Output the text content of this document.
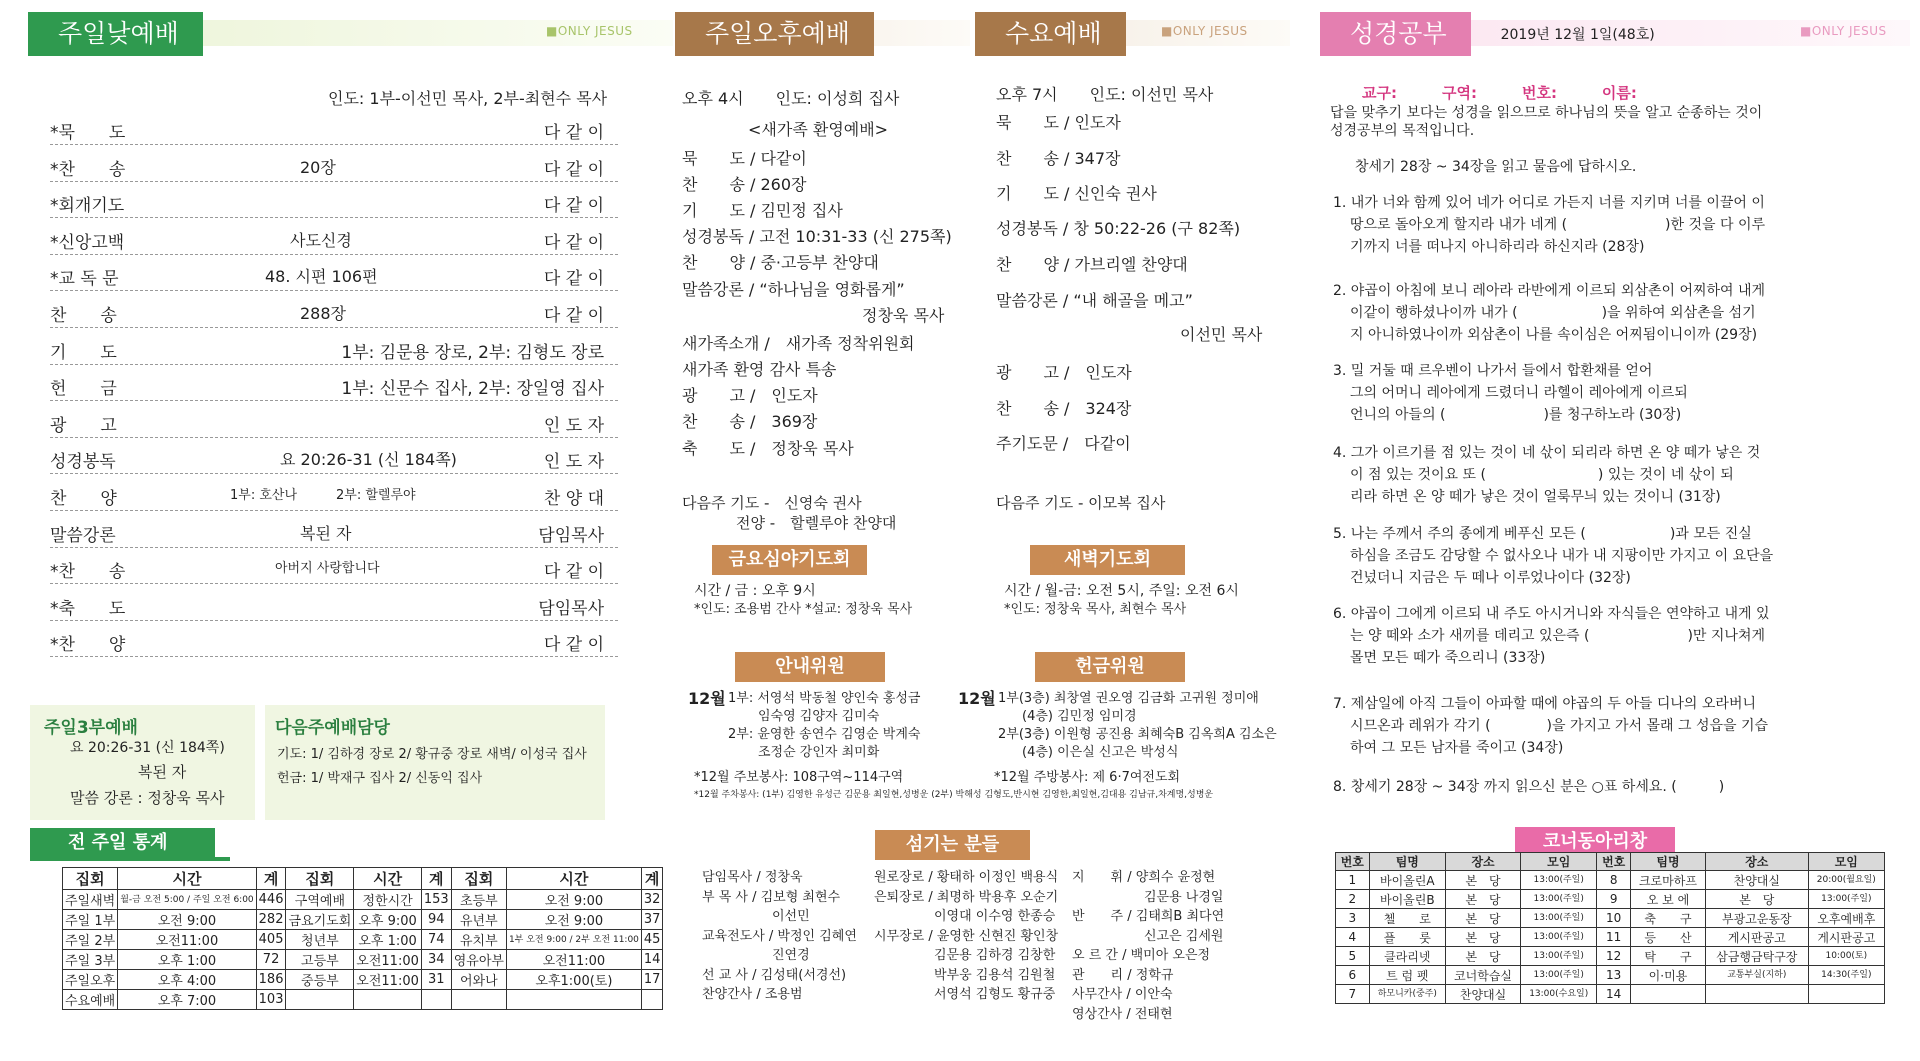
주일낮예배	■ONLY JESUS
인도: 1부-이선민 목사, 2부-최현수 목사
*묵　　도	다 같 이
*찬　　송	20장	다 같 이
*회개기도	다 같 이
*신앙고백	사도신경	다 같 이
*교 독 문	48. 시편 106편	다 같 이
찬　　송	288장	다 같 이
기　　도	1부: 김문용 장로, 2부: 김형도 장로
헌　　금	1부: 신문수 집사, 2부: 장일영 집사
광　　고	인 도 자
성경봉독	요 20:26-31 (신 184쪽)	인 도 자
찬　　양	1부: 호산나　　　2부: 할렐루야	찬 양 대
말씀강론	복된 자	담임목사
*찬　　송	아버지 사랑합니다	다 같 이
*축　　도	담임목사
*찬　　양	다 같 이
주일3부예배
요 20:26-31 (신 184쪽)
복된 자
말씀 강론 : 정창욱 목사
다음주예배담당
기도: 1/ 김하경 장로 2/ 황규중 장로 새벽/ 이성국 집사
헌금: 1/ 박재구 집사 2/ 신동익 집사
전 주일 통계
집회	시간	계	집회	시간	계	집회	시간	계
주일새벽	월-금 오전 5:00 / 주일 오전 6:00	446	구역예배	정한시간	153	초등부	오전 9:00	32
주일 1부	오전 9:00	282	금요기도회	오후 9:00	94	유년부	오전 9:00	37
주일 2부	오전11:00	405	청년부	오후 1:00	74	유치부	1부 오전 9:00 / 2부 오전 11:00	45
주일 3부	오후 1:00	72	고등부	오전11:00	34	영유아부	오전11:00	14
주일오후	오후 4:00	186	중등부	오전11:00	31	어와나	오후1:00(토)	17
수요예배	오후 7:00	103						
주일오후예배
오후 4시　　인도: 이성희 집사
<새가족 환영예배>
묵　　도 / 다같이
찬　　송 / 260장
기　　도 / 김민정 집사
성경봉독 / 고전 10:31-33 (신 275쪽)
찬　　양 / 중·고등부 찬양대
말씀강론 / “하나님을 영화롭게”
정창욱 목사
새가족소개 /　새가족 정착위원회
새가족 환영 감사 특송
광　　고 /　인도자
찬　　송 /　369장
축　　도 /　정창욱 목사
다음주 기도 -　신영숙 권사
전양 -　할렐루야 찬양대
수요예배	■ONLY JESUS
오후 7시　　인도: 이선민 목사
묵　　도 / 인도자
찬　　송 / 347장
기　　도 / 신인숙 권사
성경봉독 / 창 50:22-26 (구 82쪽)
찬　　양 / 가브리엘 찬양대
말씀강론 / “내 해골을 메고”
이선민 목사
광　　고 /　인도자
찬　　송 /　324장
주기도문 /　다같이
다음주 기도 - 이모복 집사
금요심야기도회
시간 / 금 : 오후 9시
*인도: 조용범 간사 *설교: 정창욱 목사
새벽기도회
시간 / 월-금: 오전 5시, 주일: 오전 6시
*인도: 정창욱 목사, 최현수 목사
안내위원
12월 1부: 서영석 박동철 양인숙 홍성금
임숙영 김양자 김미숙
2부: 윤영한 송연수 김영순 박계숙
조정순 강인자 최미화
*12월 주보봉사: 108구역~114구역
*12월 주차봉사: (1부) 김영한 유성근 김문용 최일현,성병운 (2부) 박해성 김형도,반시현 김영한,최일현,김대용 김남규,차계명,성병운
헌금위원
12월 1부(3층) 최창열 권오영 김금화 고귀원 정미애
(4층) 김민정 임미경
2부(3층) 이원형 공진용 최혜숙B 김옥희A 김소은
(4층) 이은실 신고은 박성식
*12월 주방봉사: 제 6·7여전도회
섬기는 분들
담임목사 / 정창욱
부 목 사 / 김보형 최현수
이선민
교육전도사 / 박정인 김혜연
진연경
선 교 사 / 김성태(서경선)
찬양간사 / 조용범
원로장로 / 황태하 이정인 백용식
은퇴장로 / 최명하 박용후 오순기
이영대 이수영 한종승
시무장로 / 윤영한 신현진 황인창
김문용 김하경 김창한
박부웅 김용석 김원철
서영석 김형도 황규중
지　　휘 / 양희수 윤정현
김문용 나경일
반　　주 / 김태희B 최다연
신고은 김세원
오 르 간 / 백미아 오은정
관　　리 / 정학규
사무간사 / 이안숙
영상간사 / 전태현
성경공부	2019년 12월 1일(48호)	■ONLY JESUS
교구:　　　구역:　　　번호:　　　이름:
답을 맞추기 보다는 성경을 읽으므로 하나님의 뜻을 알고 순종하는 것이
성경공부의 목적입니다.
창세기 28장 ~ 34장을 읽고 물음에 답하시오.
1. 내가 너와 함께 있어 네가 어디로 가든지 너를 지키며 너를 이끌어 이
땅으로 돌아오게 할지라 내가 네게 (　　　　　　　)한 것을 다 이루
기까지 너를 떠나지 아니하리라 하신지라 (28장)
2. 야곱이 아침에 보니 레아라 라반에게 이르되 외삼촌이 어찌하여 내게
이같이 행하셨나이까 내가 (　　　　　　)을 위하여 외삼촌을 섬기
지 아니하였나이까 외삼촌이 나를 속이심은 어찌됨이니이까 (29장)
3. 밀 거둘 때 르우벤이 나가서 들에서 합환채를 얻어
그의 어머니 레아에게 드렸더니 라헬이 레아에게 이르되
언니의 아들의 (　　　　　　　)를 청구하노라 (30장)
4. 그가 이르기를 점 있는 것이 네 삯이 되리라 하면 온 양 떼가 낳은 것
이 점 있는 것이요 또 (　　　　　　　　) 있는 것이 네 삯이 되
리라 하면 온 양 떼가 낳은 것이 얼룩무늬 있는 것이니 (31장)
5. 나는 주께서 주의 종에게 베푸신 모든 (　　　　　　)과 모든 진실
하심을 조금도 감당할 수 없사오나 내가 내 지팡이만 가지고 이 요단을
건넜더니 지금은 두 떼나 이루었나이다 (32장)
6. 야곱이 그에게 이르되 내 주도 아시거니와 자식들은 연약하고 내게 있
는 양 떼와 소가 새끼를 데리고 있은즉 (　　　　　　　)만 지나쳐게
몰면 모든 떼가 죽으리니 (33장)
7. 제삼일에 아직 그들이 아파할 때에 야곱의 두 아들 디나의 오라버니
시므온과 레위가 각기 (　　　　)을 가지고 가서 몰래 그 성읍을 기습
하여 그 모든 남자를 죽이고 (34장)
8. 창세기 28장 ~ 34장 까지 읽으신 분은 ○표 하세요. (　　　)
코너동아리창
번호	팀명	장소	모임	번호	팀명	장소	모임
1	바이올린A	본　당	13:00(주일)	8	크로마하프	찬양대실	20:00(월요일)
2	바이올린B	본　당	13:00(주일)	9	오 보 에	본　당	13:00(주일)
3	첼　　로	본　당	13:00(주일)	10	축　　구	부광고운동장	오후예배후
4	플　　룻	본　당	13:00(주일)	11	등　　산	게시판공고	게시판공고
5	클라리넷	본　당	13:00(주일)	12	탁　　구	삼금행금탁구장	10:00(토)
6	트 럼 펫	코너학습실	13:00(주일)	13	이·미용	교통부실(지하)	14:30(주일)
7	하모니카(중주)	찬양대실	13:00(수요일)	14			
